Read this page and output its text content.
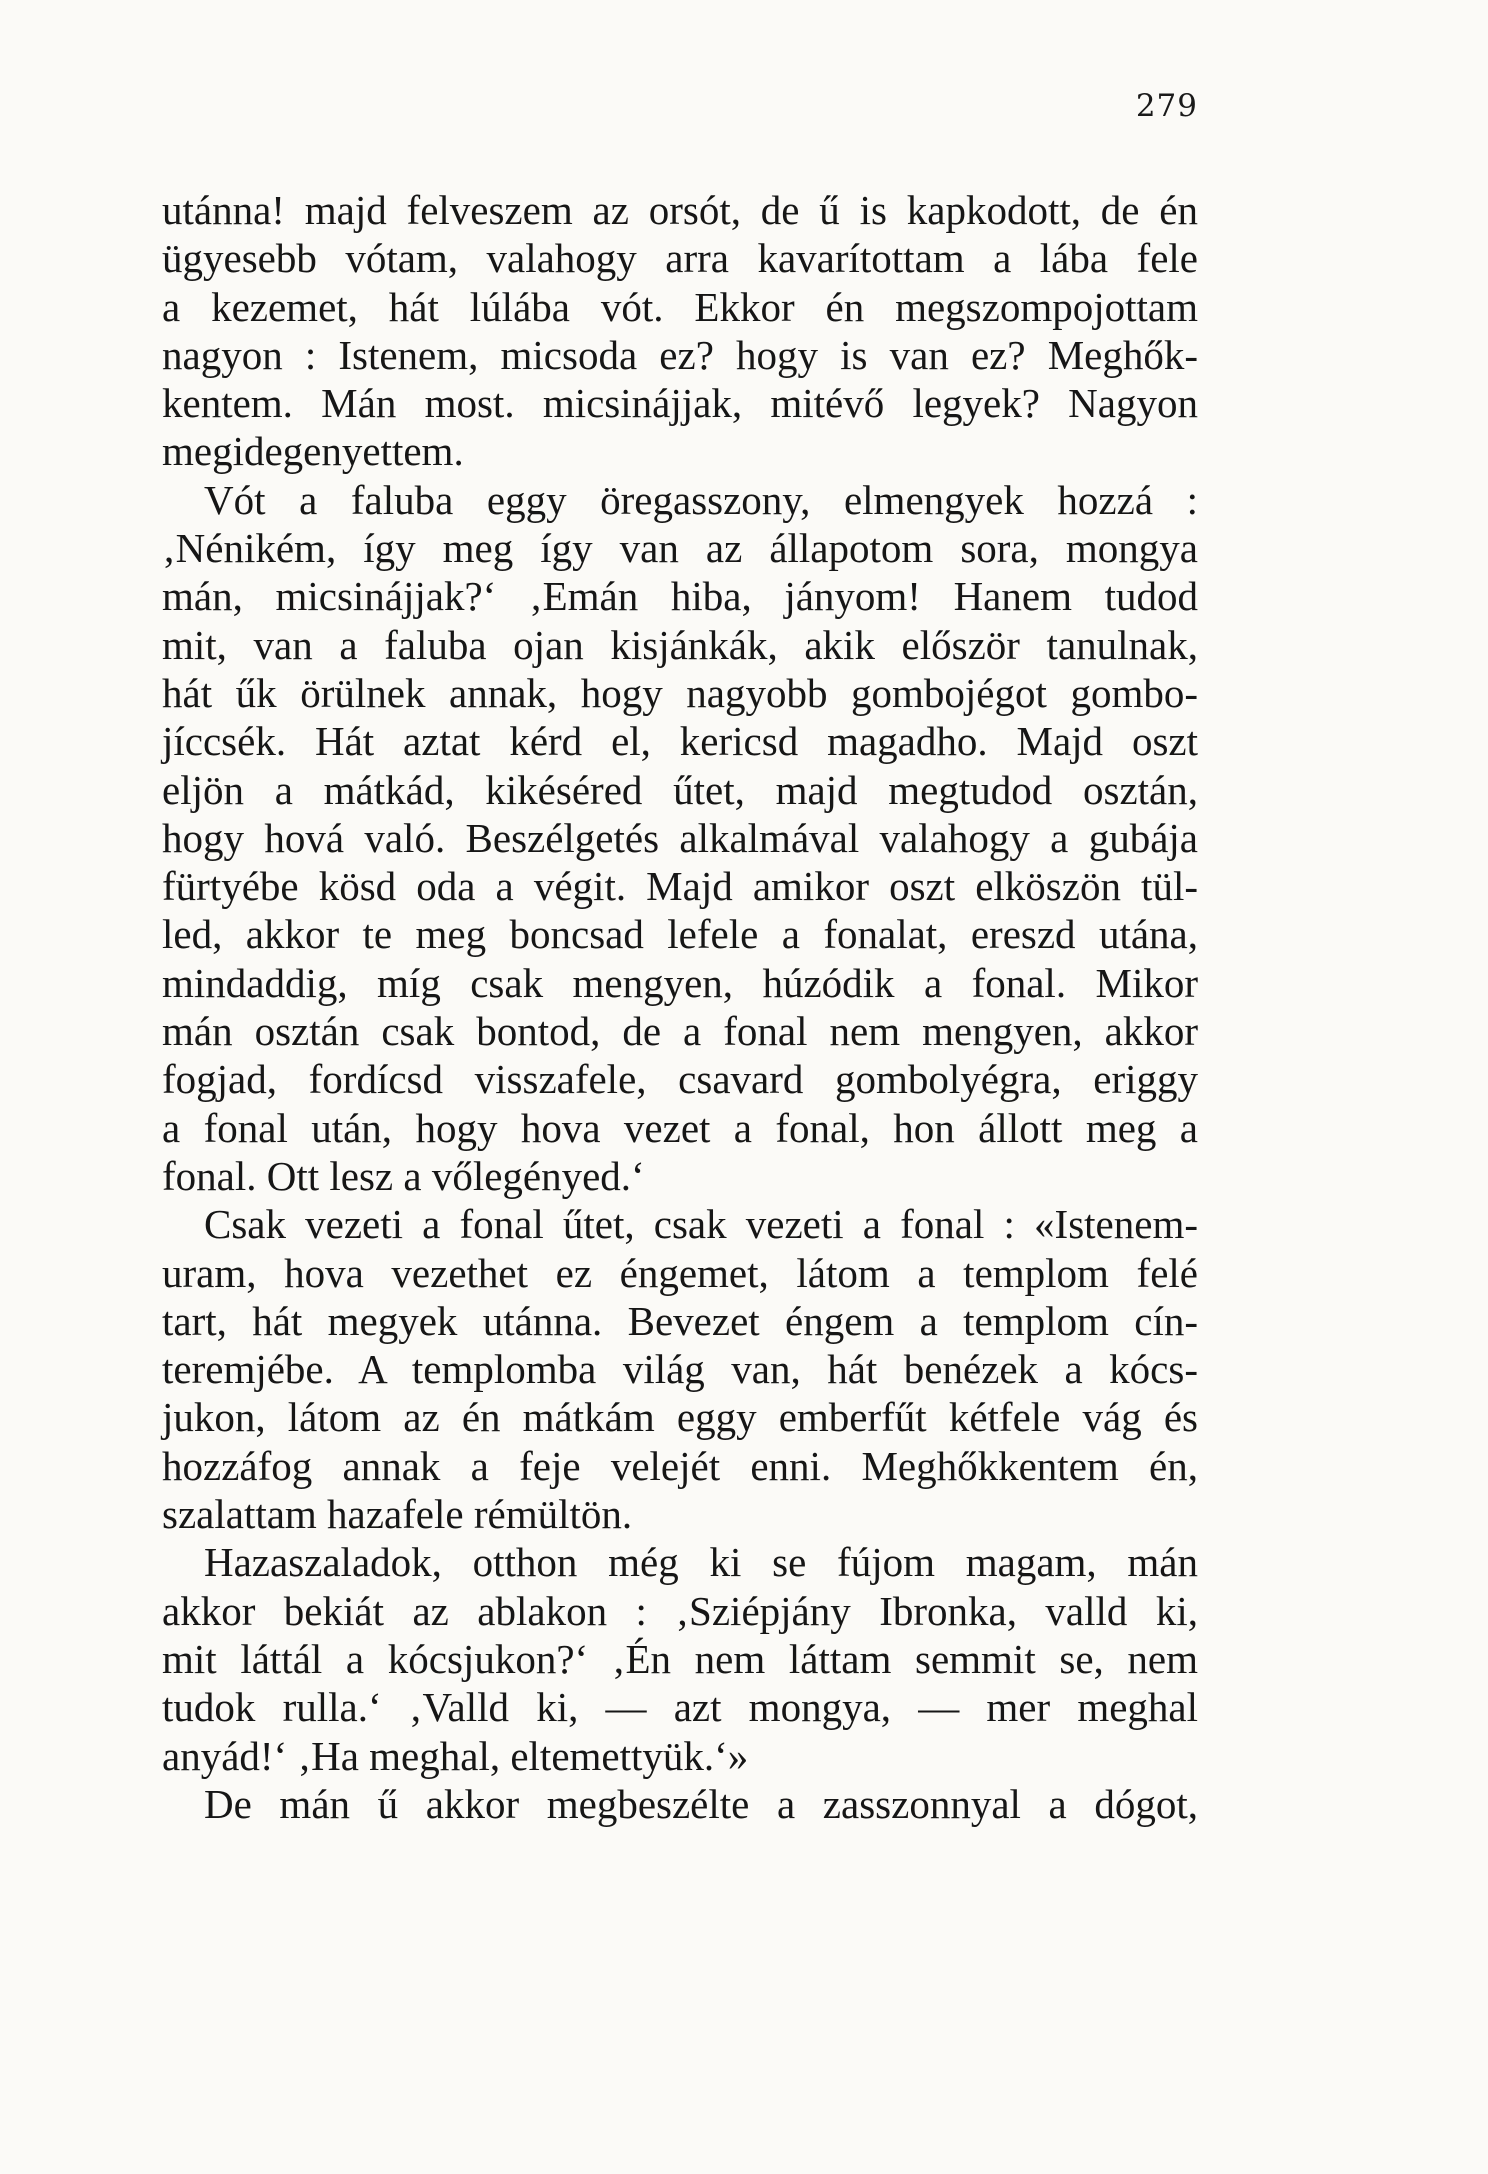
279
utánna! majd felveszem az orsót, de ű is kapkodott, de én
ügyesebb vótam, valahogy arra kavarítottam a lába fele
a kezemet, hát lúlába vót. Ekkor én megszompojottam
nagyon : Istenem, micsoda ez? hogy is van ez? Meghők-
kentem. Mán most. micsinájjak, mitévő legyek? Nagyon
megidegenyettem.
Vót a faluba eggy öregasszony, elmengyek hozzá :
‚Nénikém, így meg így van az állapotom sora, mongya
mán, micsinájjak?‘ ‚Emán hiba, jányom! Hanem tudod
mit, van a faluba ojan kisjánkák, akik először tanulnak,
hát űk örülnek annak, hogy nagyobb gombojégot gombo-
jíccsék. Hát aztat kérd el, kericsd magadho. Majd oszt
eljön a mátkád, kikéséred űtet, majd megtudod osztán,
hogy hová való. Beszélgetés alkalmával valahogy a gubája
fürtyébe kösd oda a végit. Majd amikor oszt elköszön tül-
led, akkor te meg boncsad lefele a fonalat, ereszd utána,
mindaddig, míg csak mengyen, húzódik a fonal. Mikor
mán osztán csak bontod, de a fonal nem mengyen, akkor
fogjad, fordícsd visszafele, csavard gombolyégra, eriggy
a fonal után, hogy hova vezet a fonal, hon állott meg a
fonal. Ott lesz a vőlegényed.‘
Csak vezeti a fonal űtet, csak vezeti a fonal : «Istenem-
uram, hova vezethet ez éngemet, látom a templom felé
tart, hát megyek utánna. Bevezet éngem a templom cín-
teremjébe. A templomba világ van, hát benézek a kócs-
jukon, látom az én mátkám eggy emberfűt kétfele vág és
hozzáfog annak a feje velejét enni. Meghőkkentem én,
szalattam hazafele rémültön.
Hazaszaladok, otthon még ki se fújom magam, mán
akkor bekiát az ablakon : ‚Sziépjány Ibronka, valld ki,
mit láttál a kócsjukon?‘ ‚Én nem láttam semmit se, nem
tudok rulla.‘ ‚Valld ki, — azt mongya, — mer meghal
anyád!‘ ‚Ha meghal, eltemettyük.‘»
De mán ű akkor megbeszélte a zasszonnyal a dógot,
